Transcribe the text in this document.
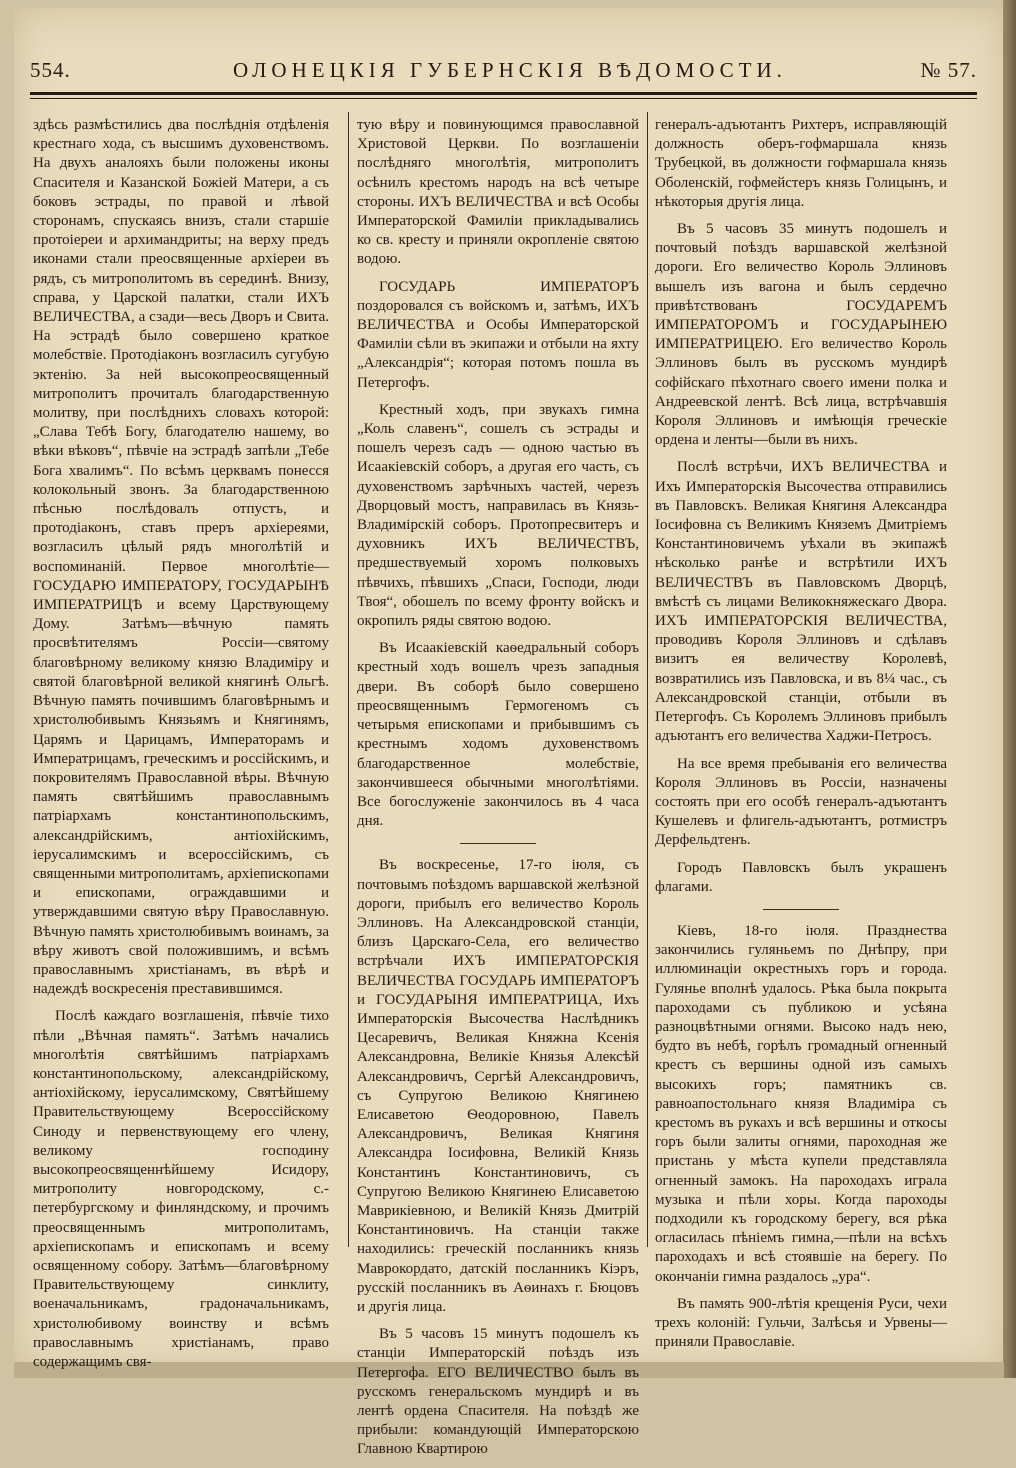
554.	ОЛОНЕЦКІЯ ГУБЕРНСКІЯ ВѢДОМОСТИ.	№ 57.

здѣсь размѣстились два послѣднія отдѣленія крестнаго хода, съ высшимъ духовенствомъ. На двухъ аналояхъ были положены иконы Спасителя и Казанской Божіей Матери, а съ боковъ эстрады, по правой и лѣвой сторонамъ, спускаясь внизъ, стали старшіе протоіереи и архимандриты; на верху предъ иконами стали преосвященные архіереи въ рядъ, съ митрополитомъ въ серединѣ. Внизу, справа, у Царской палатки, стали ИХЪ ВЕЛИЧЕСТВА, а сзади—весь Дворъ и Свита. На эстрадѣ было совершено краткое молебствіе. Протодіаконъ возгласилъ сугубую эктенію. За ней высокопреосвященный митрополитъ прочиталъ благодарственную молитву, при послѣднихъ словахъ которой: „Слава Тебѣ Богу, благодателю нашему, во вѣки вѣковъ“, пѣвчіе на эстрадѣ запѣли „Тебе Бога хвалимъ“. По всѣмъ церквамъ понесся колокольный звонъ. За благодарственною пѣснью послѣдовалъ отпустъ, и протодіаконъ, ставъ преръ архіереями, возгласилъ цѣлый рядъ многолѣтій и воспоминаній. Первое многолѣтіе—ГОСУДАРЮ ИМПЕРАТОРУ, ГОСУДАРЫНѢ ИМПЕРАТРИЦѢ и всему Царствующему Дому. Затѣмъ—вѣчную память просвѣтителямъ Россіи—святому благовѣрному великому князю Владиміру и святой благовѣрной великой княгинѣ Ольгѣ. Вѣчную память почившимъ благовѣрнымъ и христолюбивымъ Князьямъ и Княгинямъ, Царямъ и Царицамъ, Императорамъ и Императрицамъ, греческимъ и россійскимъ, и покровителямъ Православной вѣры. Вѣчную память святѣйшимъ православнымъ патріархамъ константинопольскимъ, александрійскимъ, антіохійскимъ, іерусалимскимъ и всероссійскимъ, съ священными митрополитамъ, архіепископами и епископами, ограждавшими и утверждавшими святую вѣру Православную. Вѣчную память христолюбивымъ воинамъ, за вѣру животъ свой положившимъ, и всѣмъ православнымъ христіанамъ, въ вѣрѣ и надеждѣ воскресенія преставившимся.

Послѣ каждаго возглашенія, пѣвчіе тихо пѣли „Вѣчная память“. Затѣмъ начались многолѣтія святѣйшимъ патріархамъ константинопольскому, александрійскому, антіохійскому, іерусалимскому, Святѣйшему Правительствующему Всероссійскому Синоду и первенствующему его члену, великому господину высокопреосвященнѣйшему Исидору, митрополиту новгородскому, с.-петербургскому и финляндскому, и прочимъ преосвященнымъ митрополитамъ, архіепископамъ и епископамъ и всему освященному собору. Затѣмъ—благовѣрному Правительствующему синклиту, военачальникамъ, градоначальникамъ, христолюбивому воинству и всѣмъ православнымъ христіанамъ, право содержащимъ свя-

тую вѣру и повинующимся православной Христовой Церкви. По возглашеніи послѣдняго многолѣтія, митрополитъ осѣнилъ крестомъ народъ на всѣ четыре стороны. ИХЪ ВЕЛИЧЕСТВА и всѣ Особы Императорской Фамиліи прикладывались ко св. кресту и приняли окропленіе святою водою.

ГОСУДАРЬ ИМПЕРАТОРЪ поздоровался съ войскомъ и, затѣмъ, ИХЪ ВЕЛИЧЕСТВА и Особы Императорской Фамиліи сѣли въ экипажи и отбыли на яхту „Александрія“; которая потомъ пошла въ Петергофъ.

Крестный ходъ, при звукахъ гимна „Коль славенъ“, сошелъ съ эстрады и пошелъ черезъ садъ — одною частью въ Исаакіевскій соборъ, а другая его часть, съ духовенствомъ зарѣчныхъ частей, черезъ Дворцовый мостъ, направилась въ Князь-Владимірскій соборъ. Протопресвитеръ и духовникъ ИХЪ ВЕЛИЧЕСТВЪ, предшествуемый хоромъ полковыхъ пѣвчихъ, пѣвшихъ „Спаси, Господи, люди Твоя“, обошелъ по всему фронту войскъ и окропилъ ряды святою водою.

Въ Исаакіевскій каѳедральный соборъ крестный ходъ вошелъ чрезъ западныя двери. Въ соборѣ было совершено преосвященнымъ Гермогеномъ съ четырьмя епископами и прибывшимъ съ крестнымъ ходомъ духовенствомъ благодарственное молебствіе, закончившееся обычными многолѣтіями. Все богослуженіе закончилось въ 4 часа дня.

Въ воскресенье, 17-го іюля, съ почтовымъ поѣздомъ варшавской желѣзной дороги, прибылъ его величество Король Эллиновъ. На Александровской станціи, близъ Царскаго-Села, его величество встрѣчали ИХЪ ИМПЕРАТОРСКІЯ ВЕЛИЧЕСТВА ГОСУДАРЬ ИМПЕРАТОРЪ и ГОСУДАРЫНЯ ИМПЕРАТРИЦА, Ихъ Императорскія Высочества Наслѣдникъ Цесаревичъ, Великая Княжна Ксенія Александровна, Великіе Князья Алексѣй Александровичъ, Сергѣй Александровичъ, съ Супругою Великою Княгинею Елисаветою Ѳеодоровною, Павелъ Александровичъ, Великая Княгиня Александра Іосифовна, Великій Князь Константинъ Константиновичъ, съ Супругою Великою Княгинею Елисаветою Маврикіевною, и Великій Князь Дмитрій Константиновичъ. На станціи также находились: греческій посланникъ князь Маврокордато, датскій посланникъ Кіэръ, русскій посланникъ въ Аѳинахъ г. Бюцовъ и другія лица.

Въ 5 часовъ 15 минутъ подошелъ къ станціи Императорскій поѣздъ изъ Петергофа. ЕГО ВЕЛИЧЕСТВО былъ въ русскомъ генеральскомъ мундирѣ и въ лентѣ ордена Спасителя. На поѣздѣ же прибыли: командующій Императорскою Главною Квартирою

генералъ-адъютантъ Рихтеръ, исправляющій должность оберъ-гофмаршала князь Трубецкой, въ должности гофмаршала князь Оболенскій, гофмейстеръ князь Голицынъ, и нѣкоторыя другія лица.

Въ 5 часовъ 35 минутъ подошелъ и почтовый поѣздъ варшавской желѣзной дороги. Его величество Король Эллиновъ вышелъ изъ вагона и былъ сердечно привѣтствованъ ГОСУДАРЕМЪ ИМПЕРАТОРОМЪ и ГОСУДАРЫНЕЮ ИМПЕРАТРИЦЕЮ. Его величество Король Эллиновъ былъ въ русскомъ мундирѣ софійскаго пѣхотнаго своего имени полка и Андреевской лентѣ. Всѣ лица, встрѣчавшія Короля Эллиновъ и имѣющія греческіе ордена и ленты—были въ нихъ.

Послѣ встрѣчи, ИХЪ ВЕЛИЧЕСТВА и Ихъ Императорскія Высочества отправились въ Павловскъ. Великая Княгиня Александра Іосифовна съ Великимъ Княземъ Дмитріемъ Константиновичемъ уѣхали въ экипажѣ нѣсколько ранѣе и встрѣтили ИХЪ ВЕЛИЧЕСТВЪ въ Павловскомъ Дворцѣ, вмѣстѣ съ лицами Великокняжескаго Двора. ИХЪ ИМПЕРАТОРСКІЯ ВЕЛИЧЕСТВА, проводивъ Короля Эллиновъ и сдѣлавъ визитъ ея величеству Королевѣ, возвратились изъ Павловска, и въ 8¼ час., съ Александровской станціи, отбыли въ Петергофъ. Съ Королемъ Эллиновъ прибылъ адъютантъ его величества Хаджи-Петросъ.

На все время пребыванія его величества Короля Эллиновъ въ Россіи, назначены состоять при его особѣ генералъ-адъютантъ Кушелевъ и флигель-адъютантъ, ротмистръ Дерфельдтенъ.

Городъ Павловскъ былъ украшенъ флагами.

Кіевъ, 18-го іюля. Празднества закончились гуляньемъ по Днѣпру, при иллюминаціи окрестныхъ горъ и города. Гулянье вполнѣ удалось. Рѣка была покрыта пароходами съ публикою и усѣяна разноцвѣтными огнями. Высоко надъ нею, будто въ небѣ, горѣлъ громадный огненный крестъ съ вершины одной изъ самыхъ высокихъ горъ; памятникъ св. равноапостольнаго князя Владиміра съ крестомъ въ рукахъ и всѣ вершины и откосы горъ были залиты огнями, пароходная же пристань у мѣста купели представляла огненный замокъ. На пароходахъ играла музыка и пѣли хоры. Когда пароходы подходили къ городскому берегу, вся рѣка огласилась пѣніемъ гимна,—пѣли на всѣхъ пароходахъ и всѣ стоявшіе на берегу. По окончаніи гимна раздалось „ура“.

Въ память 900-лѣтія крещенія Руси, чехи трехъ колоній: Гульчи, Залѣсья и Урвены—приняли Православіе.
